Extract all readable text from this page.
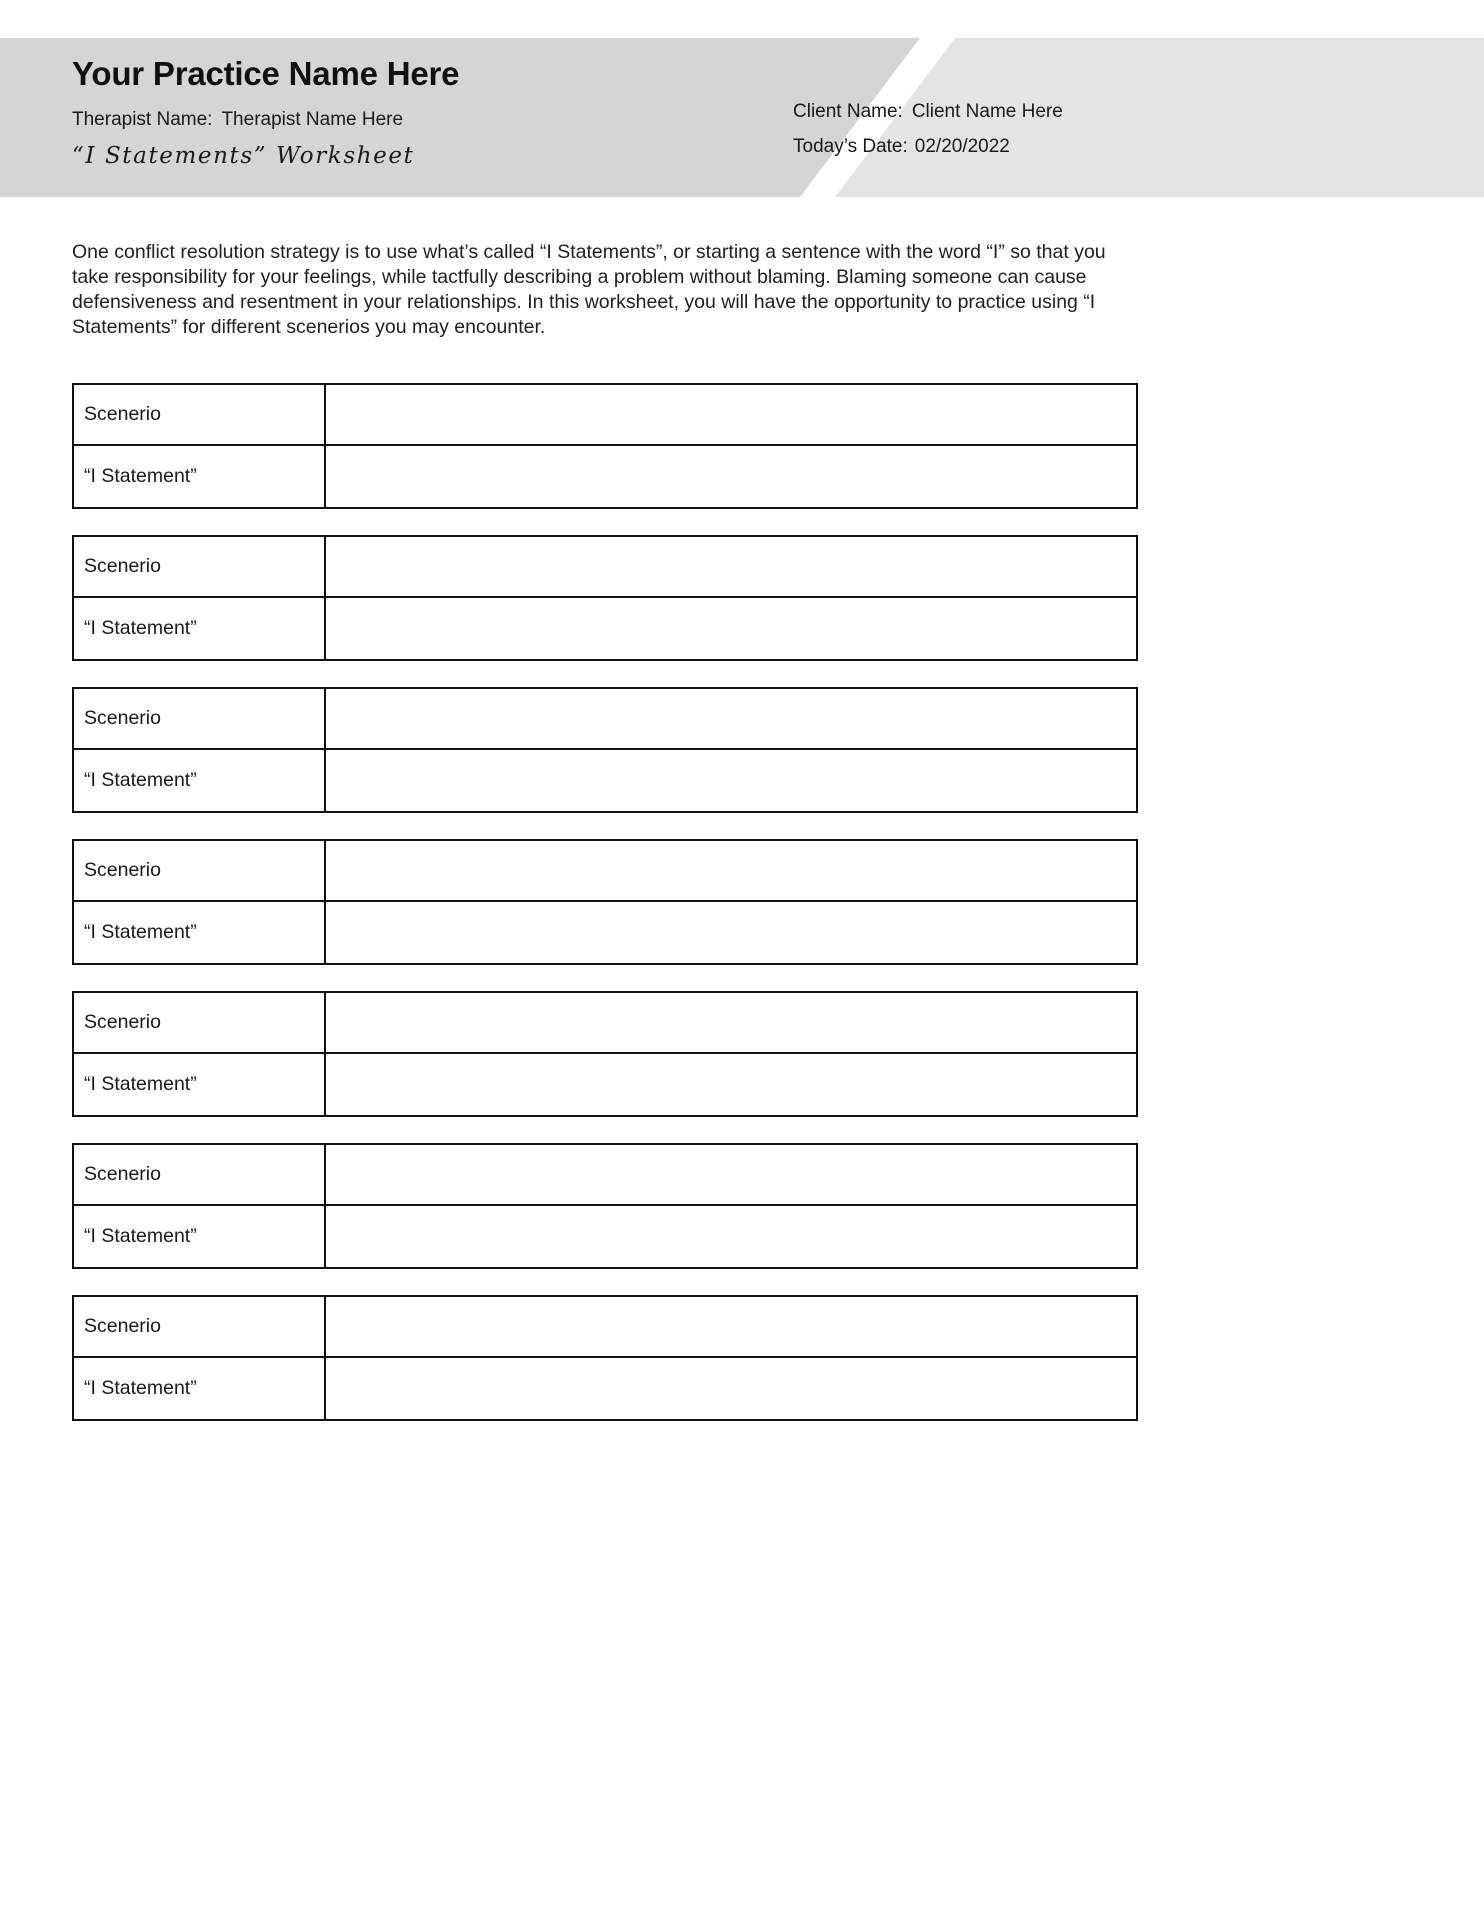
Your Practice Name Here
Therapist Name: Therapist Name Here
“I Statements” Worksheet
Client Name: Client Name Here
Today’s Date: 02/20/2022
One conflict resolution strategy is to use what’s called “I Statements”, or starting a sentence with the word “I” so that you take responsibility for your feelings, while tactfully describing a problem without blaming. Blaming someone can cause defensiveness and resentment in your relationships. In this worksheet, you will have the opportunity to practice using “I Statements” for different scenerios you may encounter.
Scenerio
“I Statement”
Scenerio
“I Statement”
Scenerio
“I Statement”
Scenerio
“I Statement”
Scenerio
“I Statement”
Scenerio
“I Statement”
Scenerio
“I Statement”
